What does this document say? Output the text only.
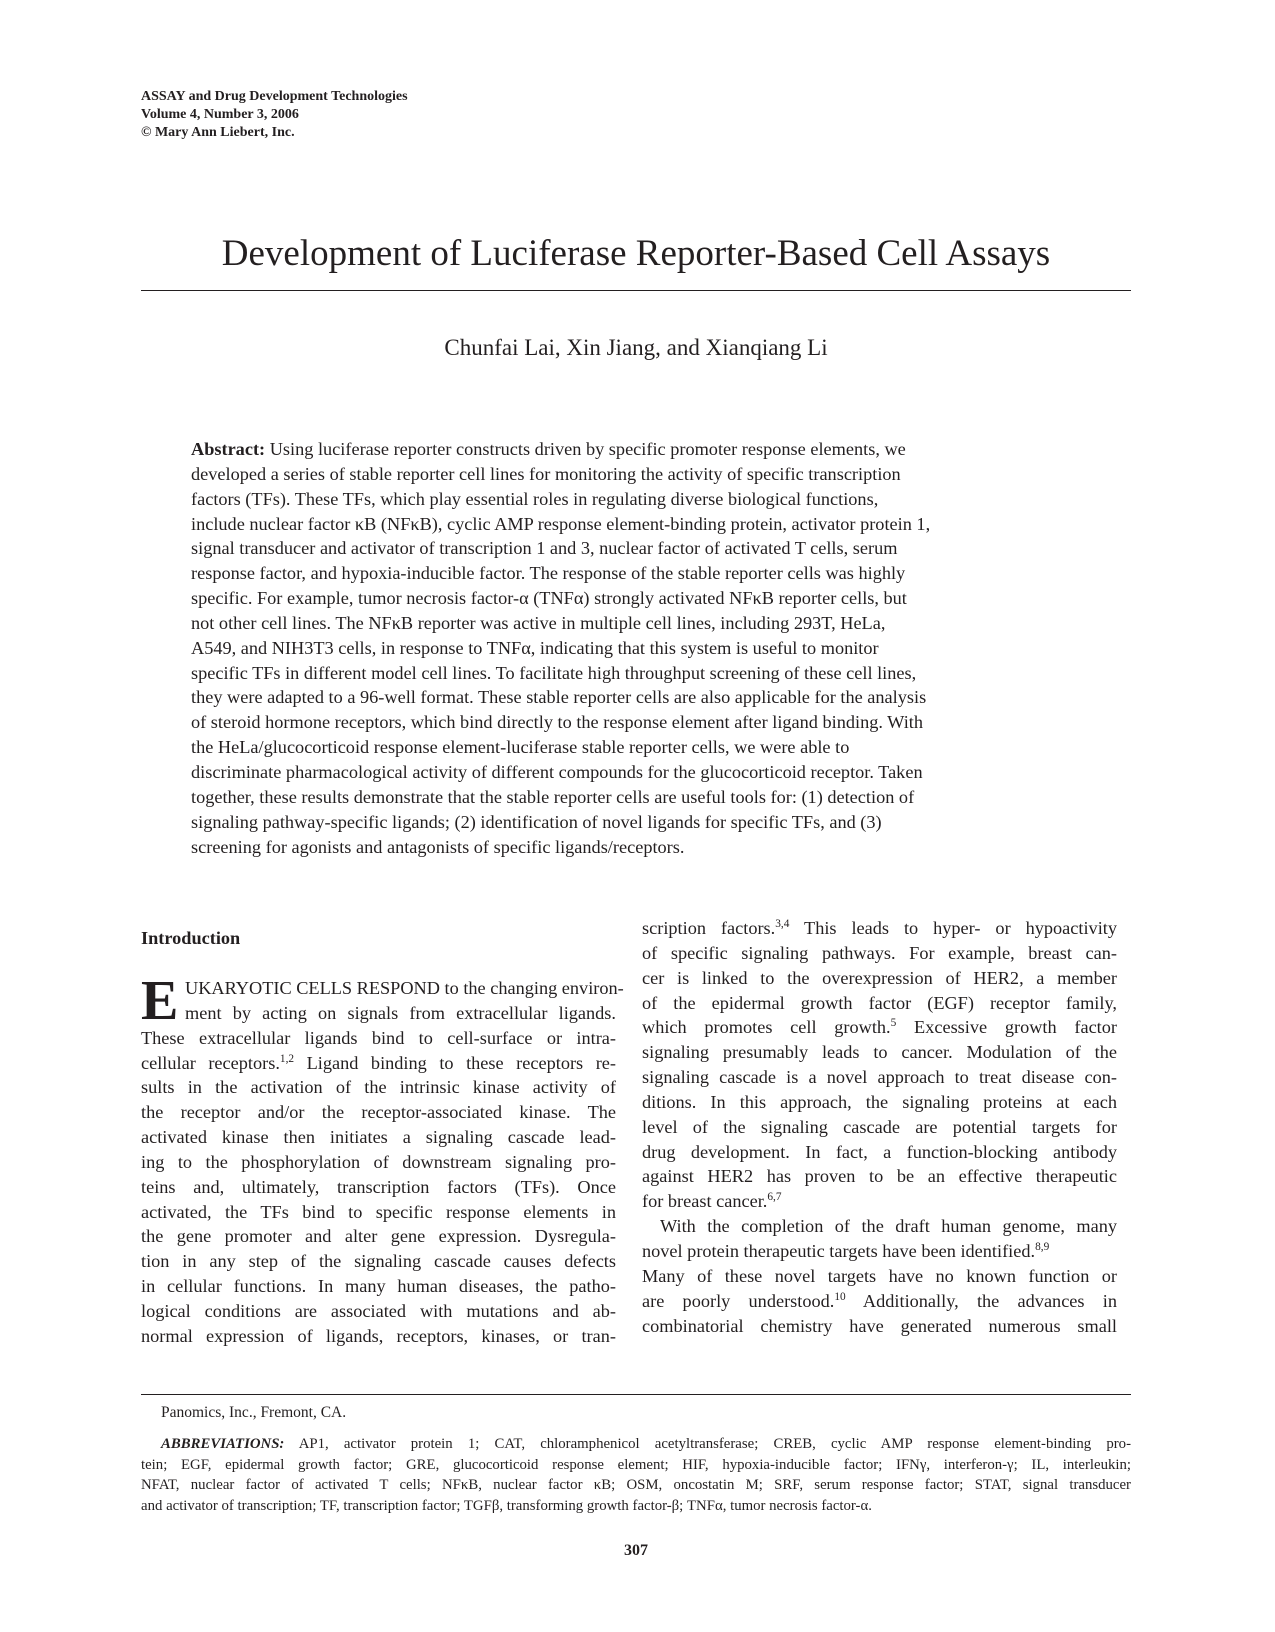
ASSAY and Drug Development Technologies
Volume 4, Number 3, 2006
© Mary Ann Liebert, Inc.
Development of Luciferase Reporter-Based Cell Assays
Chunfai Lai, Xin Jiang, and Xianqiang Li
Abstract: Using luciferase reporter constructs driven by specific promoter response elements, we
developed a series of stable reporter cell lines for monitoring the activity of specific transcription
factors (TFs). These TFs, which play essential roles in regulating diverse biological functions,
include nuclear factor κB (NFκB), cyclic AMP response element-binding protein, activator protein 1,
signal transducer and activator of transcription 1 and 3, nuclear factor of activated T cells, serum
response factor, and hypoxia-inducible factor. The response of the stable reporter cells was highly
specific. For example, tumor necrosis factor-α (TNFα) strongly activated NFκB reporter cells, but
not other cell lines. The NFκB reporter was active in multiple cell lines, including 293T, HeLa,
A549, and NIH3T3 cells, in response to TNFα, indicating that this system is useful to monitor
specific TFs in different model cell lines. To facilitate high throughput screening of these cell lines,
they were adapted to a 96-well format. These stable reporter cells are also applicable for the analysis
of steroid hormone receptors, which bind directly to the response element after ligand binding. With
the HeLa/glucocorticoid response element-luciferase stable reporter cells, we were able to
discriminate pharmacological activity of different compounds for the glucocorticoid receptor. Taken
together, these results demonstrate that the stable reporter cells are useful tools for: (1) detection of
signaling pathway-specific ligands; (2) identification of novel ligands for specific TFs, and (3)
screening for agonists and antagonists of specific ligands/receptors.
Introduction
E UKARYOTIC CELLS RESPOND to the changing environ-
ment by acting on signals from extracellular ligands.
These extracellular ligands bind to cell-surface or intra-
cellular receptors.$^{1,2}$ Ligand binding to these receptors re-
sults in the activation of the intrinsic kinase activity of
the receptor and/or the receptor-associated kinase. The
activated kinase then initiates a signaling cascade lead-
ing to the phosphorylation of downstream signaling pro-
teins and, ultimately, transcription factors (TFs). Once
activated, the TFs bind to specific response elements in
the gene promoter and alter gene expression. Dysregula-
tion in any step of the signaling cascade causes defects
in cellular functions. In many human diseases, the patho-
logical conditions are associated with mutations and ab-
normal expression of ligands, receptors, kinases, or tran-
scription factors.$^{3,4}$ This leads to hyper- or hypoactivity
of specific signaling pathways. For example, breast can-
cer is linked to the overexpression of HER2, a member
of the epidermal growth factor (EGF) receptor family,
which promotes cell growth.$^5$ Excessive growth factor
signaling presumably leads to cancer. Modulation of the
signaling cascade is a novel approach to treat disease con-
ditions. In this approach, the signaling proteins at each
level of the signaling cascade are potential targets for
drug development. In fact, a function-blocking antibody
against HER2 has proven to be an effective therapeutic
for breast cancer.$^{6,7}$
With the completion of the draft human genome, many
novel protein therapeutic targets have been identified.$^{8,9}$
Many of these novel targets have no known function or
are poorly understood.$^{10}$ Additionally, the advances in
combinatorial chemistry have generated numerous small
Panomics, Inc., Fremont, CA.
ABBREVIATIONS: AP1, activator protein 1; CAT, chloramphenicol acetyltransferase; CREB, cyclic AMP response element-binding pro-
tein; EGF, epidermal growth factor; GRE, glucocorticoid response element; HIF, hypoxia-inducible factor; IFNγ, interferon-γ; IL, interleukin;
NFAT, nuclear factor of activated T cells; NFκB, nuclear factor κB; OSM, oncostatin M; SRF, serum response factor; STAT, signal transducer
and activator of transcription; TF, transcription factor; TGFβ, transforming growth factor-β; TNFα, tumor necrosis factor-α.
307
